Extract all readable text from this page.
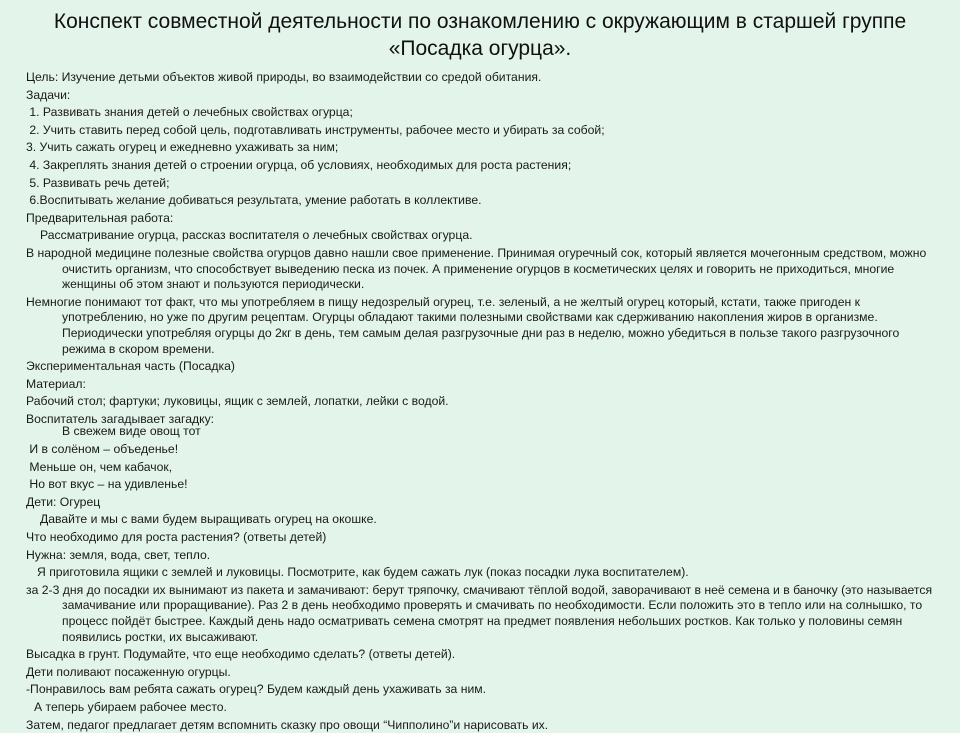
Конспект совместной деятельности по ознакомлению с окружающим в старшей группе «Посадка огурца».
Цель: Изучение детьми объектов живой природы, во взаимодействии со средой обитания.
Задачи:
1. Развивать знания детей о лечебных свойствах огурца;
2. Учить ставить перед собой цель, подготавливать инструменты, рабочее место и убирать за собой;
3. Учить сажать огурец и ежедневно ухаживать за ним;
4. Закреплять знания детей о строении огурца, об условиях, необходимых для роста растения;
5. Развивать речь детей;
6.Воспитывать желание добиваться результата, умение работать в коллективе.
Предварительная работа:
Рассматривание огурца, рассказ воспитателя о лечебных свойствах огурца.
В народной медицине полезные свойства огурцов давно нашли свое применение. Принимая огуречный сок, который является мочегонным средством, можно очистить организм, что способствует выведению песка из почек. А применение огурцов в косметических целях и говорить не приходиться, многие женщины об этом знают и пользуются периодически.
Немногие понимают тот факт, что мы употребляем в пищу недозрелый огурец, т.е. зеленый, а не желтый огурец который, кстати, также пригоден к употреблению, но уже по другим рецептам. Огурцы обладают такими полезными свойствами как сдерживанию накопления жиров в организме. Периодически употребляя огурцы до 2кг в день, тем самым делая разгрузочные дни раз в неделю, можно убедиться в пользе такого разгрузочного режима в скором времени.
Экспериментальная часть (Посадка)
Материал:
Рабочий стол; фартуки; луковицы, ящик с землей, лопатки, лейки с водой.
Воспитатель загадывает загадку:
В свежем виде овощ тот
И в солёном – объеденье!
Меньше он, чем кабачок,
Но вот вкус – на удивленье!
Дети: Огурец
Давайте и мы с вами будем выращивать огурец на окошке.
Что необходимо для роста растения? (ответы детей)
Нужна: земля, вода, свет, тепло.
Я приготовила ящики с землей и луковицы. Посмотрите, как будем сажать лук (показ посадки лука воспитателем).
за 2-3 дня до посадки их вынимают из пакета и замачивают: берут тряпочку, смачивают тёплой водой, заворачивают в неё семена и в баночку (это называется замачивание или проращивание). Раз 2 в день необходимо проверять и смачивать по необходимости. Если положить это в тепло или на солнышко, то процесс пойдёт быстрее. Каждый день надо осматривать семена смотрят на предмет появления небольших ростков. Как только у половины семян появились ростки, их высаживают.
Высадка в грунт. Подумайте, что еще необходимо сделать? (ответы детей).
Дети поливают посаженную огурцы.
-Понравилось вам ребята сажать огурец? Будем каждый день ухаживать за ним.
А теперь убираем рабочее место.
Затем, педагог предлагает детям вспомнить сказку про овощи “Чипполино”и нарисовать их.
